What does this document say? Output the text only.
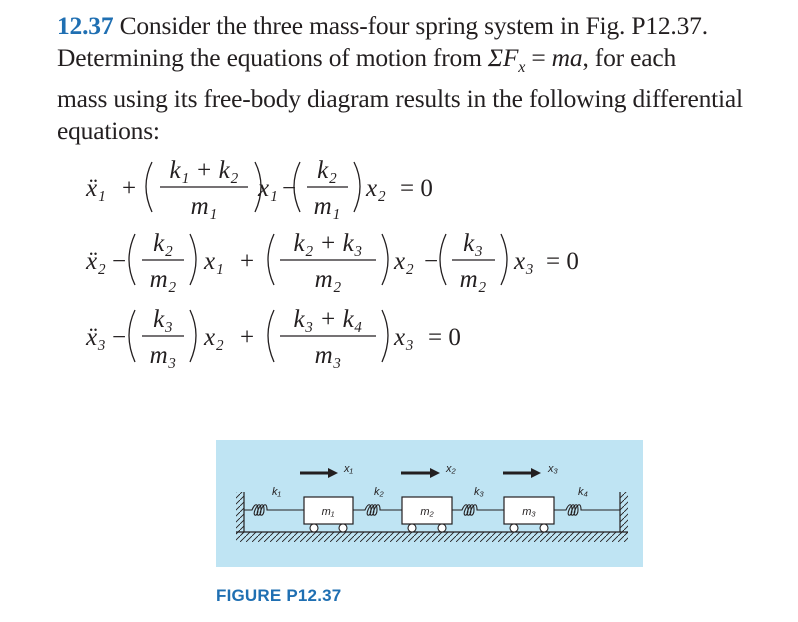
12.37 Consider the three mass-four spring system in Fig. P12.37.
Determining the equations of motion from $\Sigma F_x$ = ma, for each
mass using its free-body diagram results in the following differential
equations:
ẍ₁ +
k₁ + k₂
m₁
x₁ −
k₂
m₁
x₂ = 0
ẍ₂ −
k₂
m₂
x₁ +
k₂ + k₃
m₂
x₂ −
k₃
m₂
x₃ = 0
ẍ₃ −
k₃
m₃
x₂ +
k₃ + k₄
m₃
x₃ = 0
x₁	x₂	x₃
k₁	k₂	k₃	k₄
m₁	m₂	m₃
FIGURE P12.37
